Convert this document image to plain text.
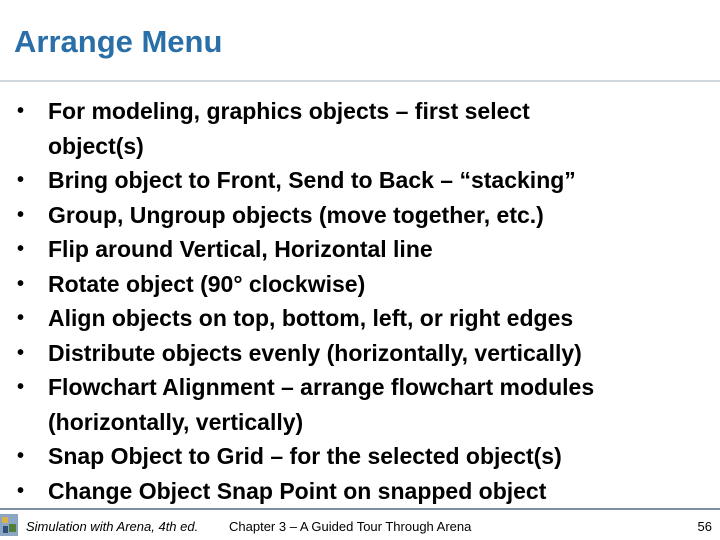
Arrange Menu
• For modeling, graphics objects – first select
object(s)
• Bring object to Front, Send to Back – “stacking”
• Group, Ungroup objects (move together, etc.)
• Flip around Vertical, Horizontal line
• Rotate object (90° clockwise)
• Align objects on top, bottom, left, or right edges
• Distribute objects evenly (horizontally, vertically)
• Flowchart Alignment – arrange flowchart modules
(horizontally, vertically)
• Snap Object to Grid – for the selected object(s)
• Change Object Snap Point on snapped object
Simulation with Arena, 4th ed. Chapter 3 – A Guided Tour Through Arena	56
